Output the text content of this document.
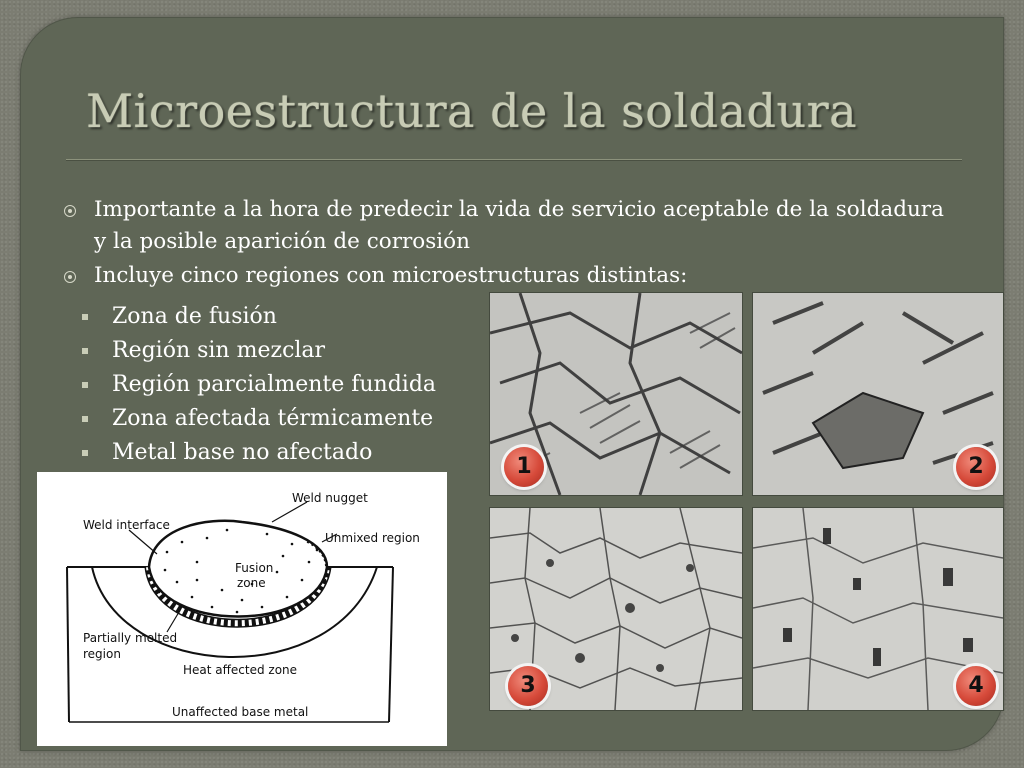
Microestructura de la soldadura
Importante a la hora de predecir la vida de servicio aceptable de la soldadura y la posible aparición de corrosión
Incluye cinco regiones con microestructuras distintas:
Zona de fusión
Región sin mezclar
Región parcialmente fundida
Zona afectada térmicamente
Metal base no afectado
1	2
3	4
Weld nugget
Weld interface
Unmixed region
Fusion
zone
Partially melted
region
Heat affected zone
Unaffected base metal
